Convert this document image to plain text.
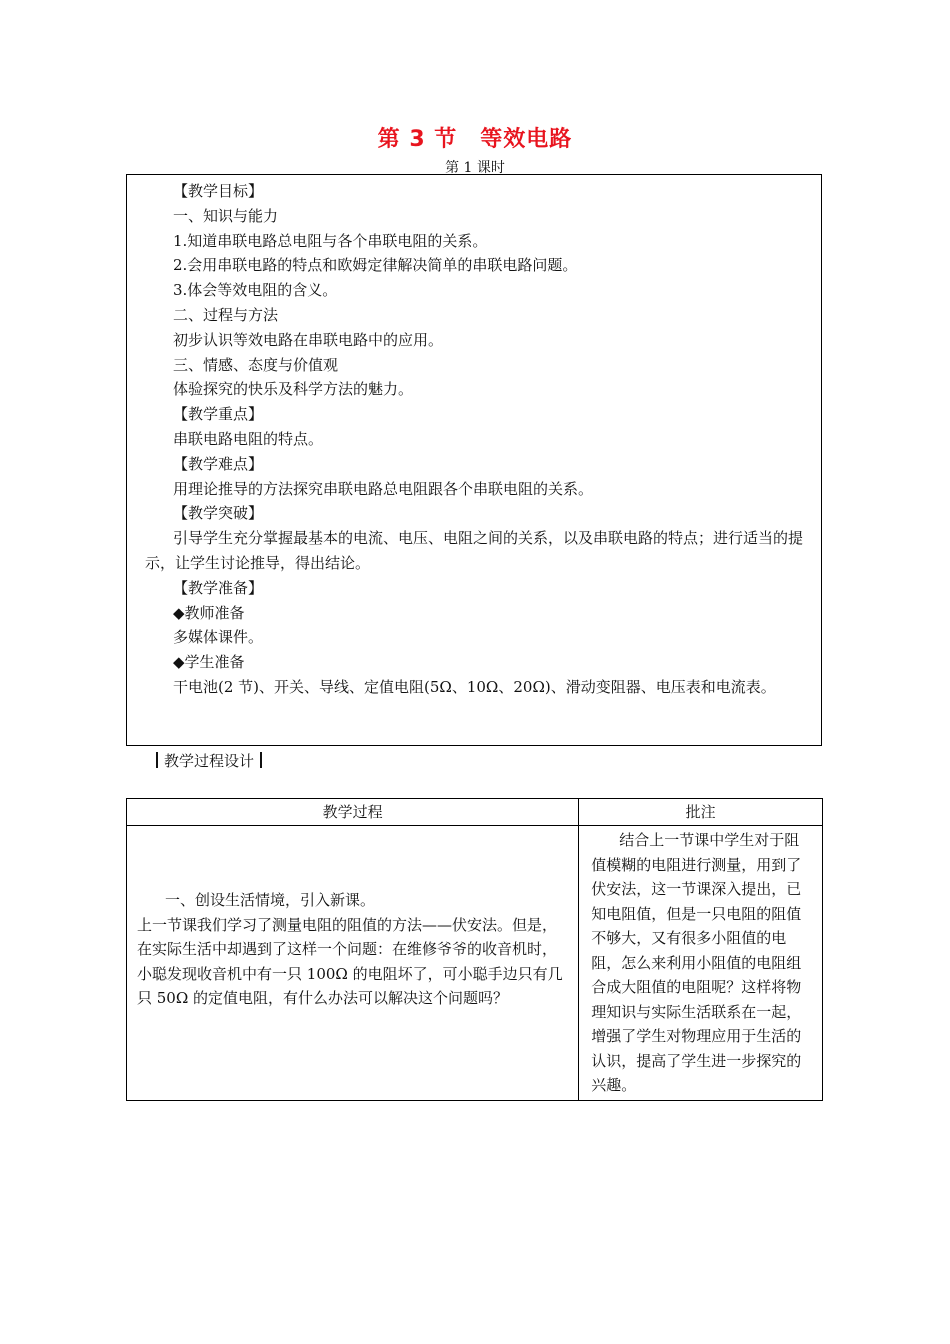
第 3 节　等效电路
第 1 课时

【教学目标】

一、知识与能力

1.知道串联电路总电阻与各个串联电阻的关系。

2.会用串联电路的特点和欧姆定律解决简单的串联电路问题。

3.体会等效电阻的含义。

二、过程与方法

初步认识等效电路在串联电路中的应用。

三、情感、态度与价值观

体验探究的快乐及科学方法的魅力。

【教学重点】

串联电路电阻的特点。

【教学难点】

用理论推导的方法探究串联电路总电阻跟各个串联电阻的关系。

【教学突破】

引导学生充分掌握最基本的电流、电压、电阻之间的关系，以及串联电路的特点；进行适当的提示，让学生讨论推导，得出结论。

【教学准备】

◆教师准备

多媒体课件。

◆学生准备

干电池(2 节)、开关、导线、定值电阻(5Ω、10Ω、20Ω)、滑动变阻器、电压表和电流表。

教学过程设计
教学过程	批注

一、创设生活情境，引入新课。
上一节课我们学习了测量电阻的阻值的方法——伏安法。但是，在实际生活中却遇到了这样一个问题：在维修爷爷的收音机时，小聪发现收音机中有一只 100Ω 的电阻坏了，可小聪手边只有几只 50Ω 的定值电阻，有什么办法可以解决这个问题吗？	结合上一节课中学生对于阻值模糊的电阻进行测量，用到了伏安法，这一节课深入提出，已知电阻值，但是一只电阻的阻值不够大，又有很多小阻值的电阻，怎么来利用小阻值的电阻组合成大阻值的电阻呢？这样将物理知识与实际生活联系在一起，增强了学生对物理应用于生活的认识，提高了学生进一步探究的兴趣。
